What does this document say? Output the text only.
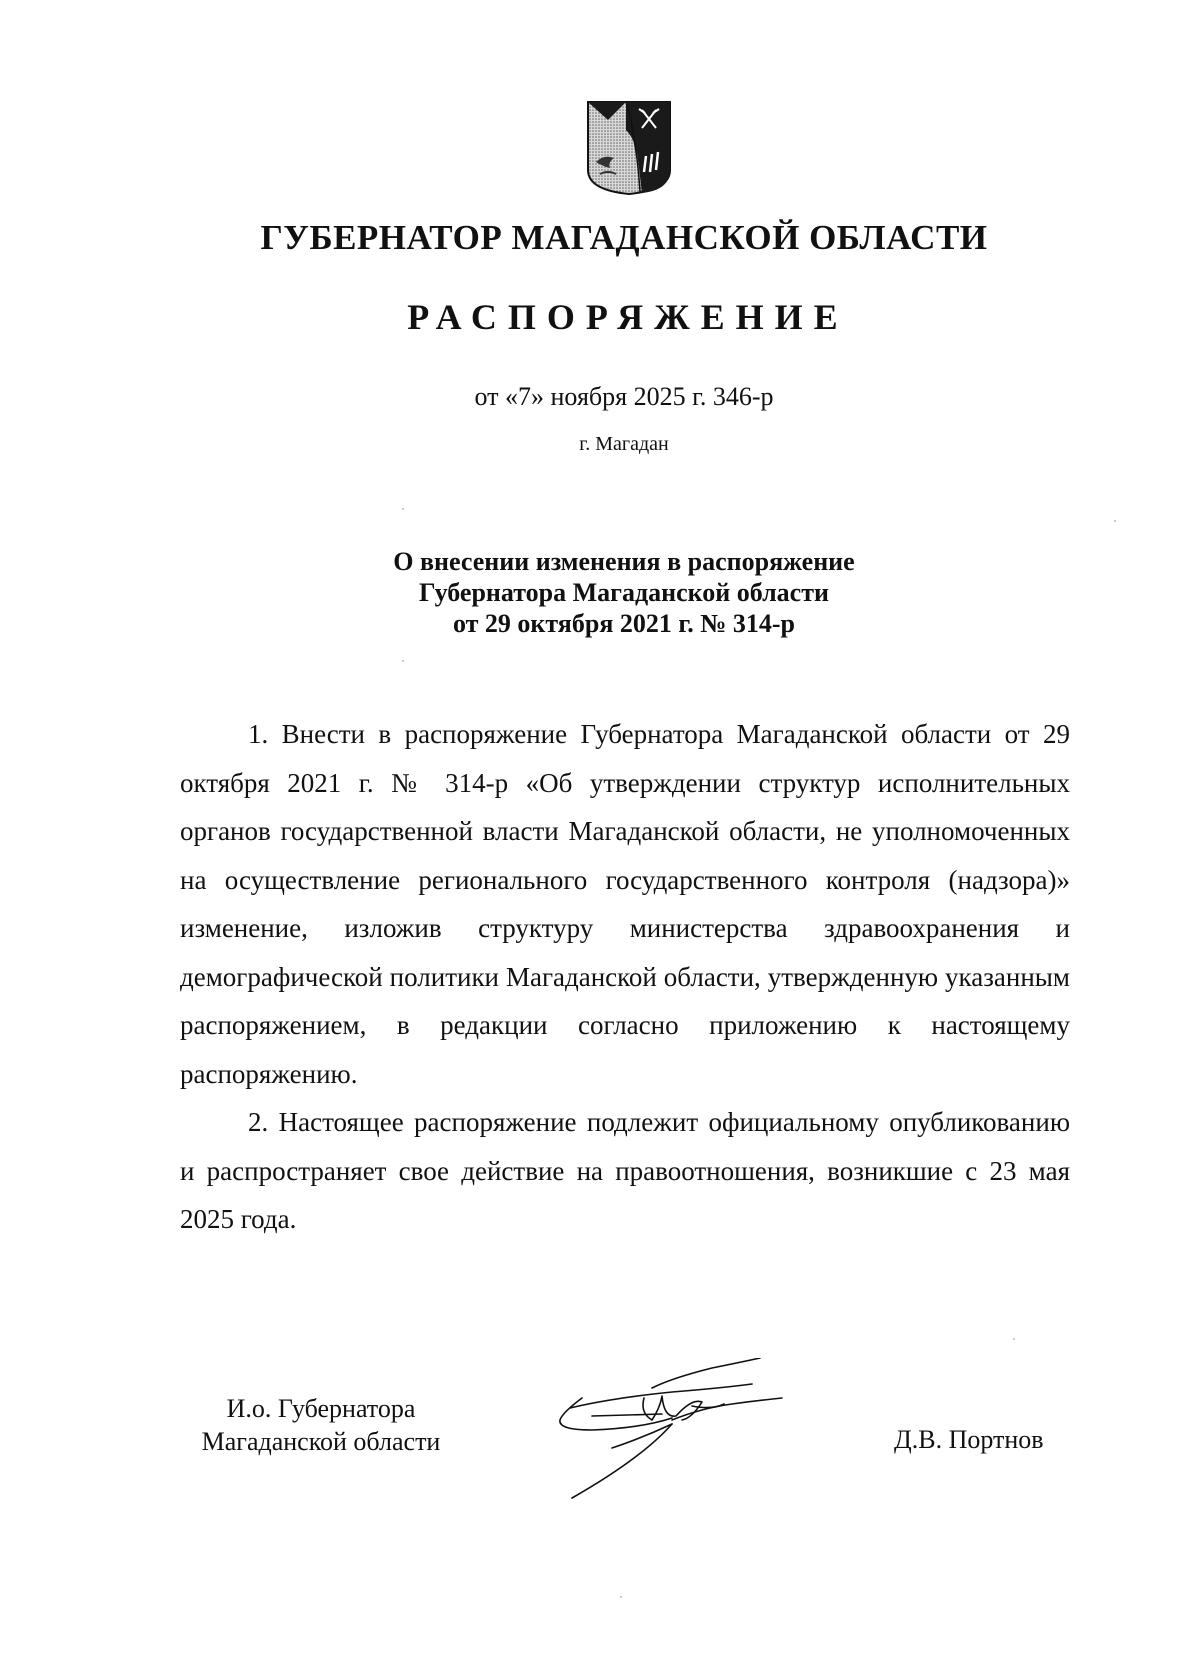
ГУБЕРНАТОР МАГАДАНСКОЙ ОБЛАСТИ
РАСПОРЯЖЕНИЕ
от «7» ноября 2025 г. 346-р
г. Магадан
О внесении изменения в распоряжение
Губернатора Магаданской области
от 29 октября 2021 г. № 314-р

1. Внести в распоряжение Губернатора Магаданской области от 29 октября 2021 г. № 314-р «Об утверждении структур исполнительных органов государственной власти Магаданской области, не уполномоченных на осуществление регионального государственного контроля (надзора)» изменение, изложив структуру министерства здравоохранения и демографической политики Магаданской области, утвержденную указанным распоряжением, в редакции согласно приложению к настоящему распоряжению.

2. Настоящее распоряжение подлежит официальному опубликованию и распространяет свое действие на правоотношения, возникшие с 23 мая 2025 года.

И.о. Губернатора
Магаданской области	Д.В. Портнов
